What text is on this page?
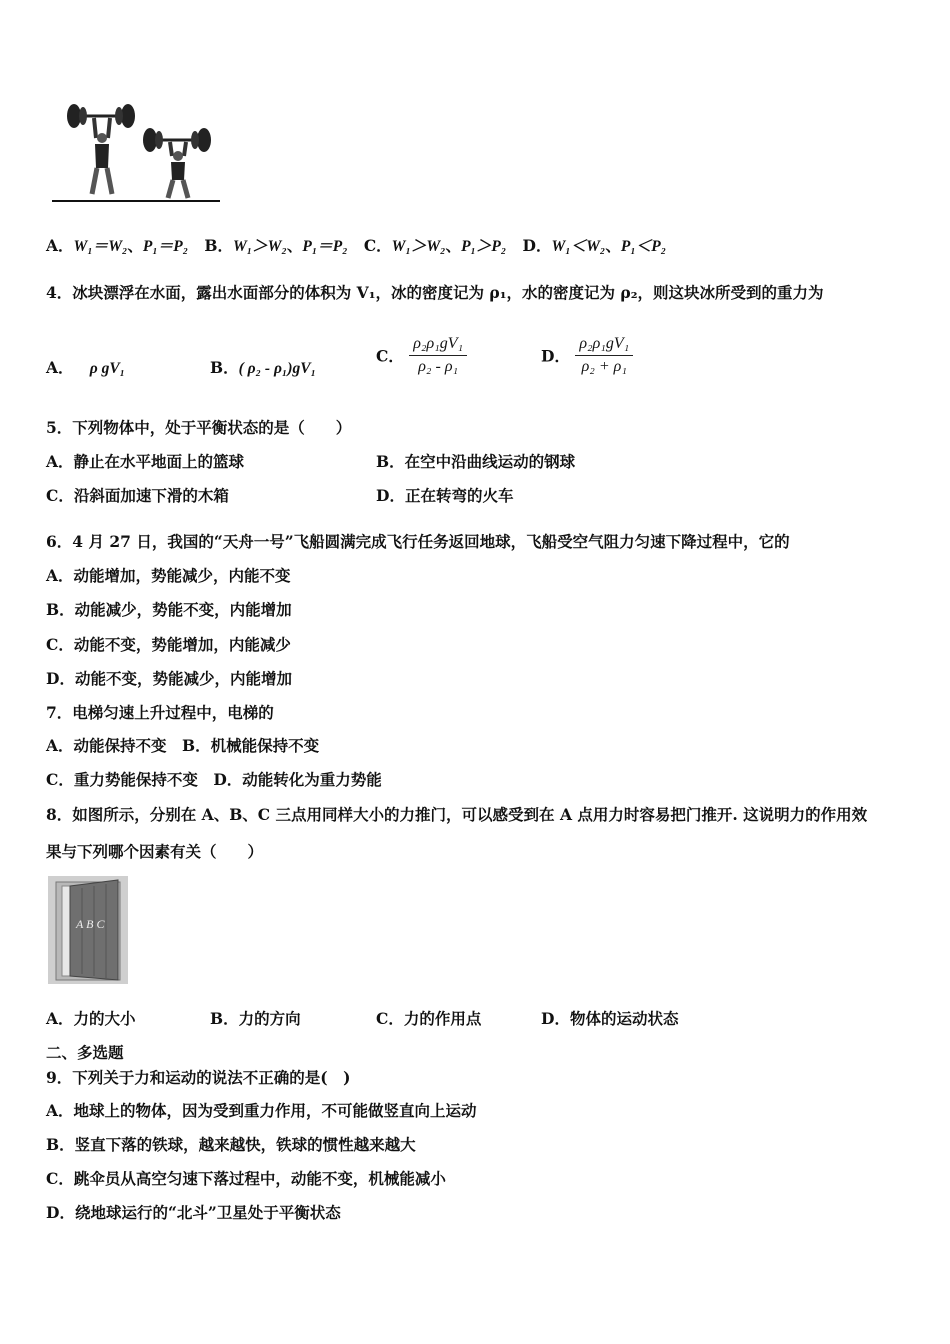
A．W₁＝W₂、P₁＝P₂ B．W₁＞W₂、P₁＝P₂ C．W₁＞W₂、P₁＞P₂ D．W₁＜W₂、P₁＜P₂
4．冰块漂浮在水面，露出水面部分的体积为 V₁，冰的密度记为 ρ₁，水的密度记为 ρ₂，则这块冰所受到的重力为
A． ρ gV₁	B．( ρ₂ - ρ₁)gV₁
C． $\frac{\text{ρ₂ρ₁gV₁}}{\text{ρ₂ - ρ₁}}$	D． $\frac{\text{ρ₂ρ₁gV₁}}{\text{ρ₂ + ρ₁}}$
5．下列物体中，处于平衡状态的是（　　）
A．静止在水平地面上的篮球	B．在空中沿曲线运动的钢球
C．沿斜面加速下滑的木箱	D．正在转弯的火车
6．4 月 27 日，我国的“天舟一号”飞船圆满完成飞行任务返回地球，飞船受空气阻力匀速下降过程中，它的
A．动能增加，势能减少，内能不变
B．动能减少，势能不变，内能增加
C．动能不变，势能增加，内能减少
D．动能不变，势能减少，内能增加
7．电梯匀速上升过程中，电梯的
A．动能保持不变　B．机械能保持不变
C．重力势能保持不变　D．动能转化为重力势能
8．如图所示，分别在 A、B、C 三点用同样大小的力推门，可以感受到在 A 点用力时容易把门推开. 这说明力的作用效
果与下列哪个因素有关（　　）
A B C
A．力的大小	B．力的方向	C．力的作用点	D．物体的运动状态
二、多选题
9．下列关于力和运动的说法不正确的是(　)
A．地球上的物体，因为受到重力作用，不可能做竖直向上运动
B．竖直下落的铁球，越来越快，铁球的惯性越来越大
C．跳伞员从高空匀速下落过程中，动能不变，机械能减小
D．绕地球运行的“北斗”卫星处于平衡状态
